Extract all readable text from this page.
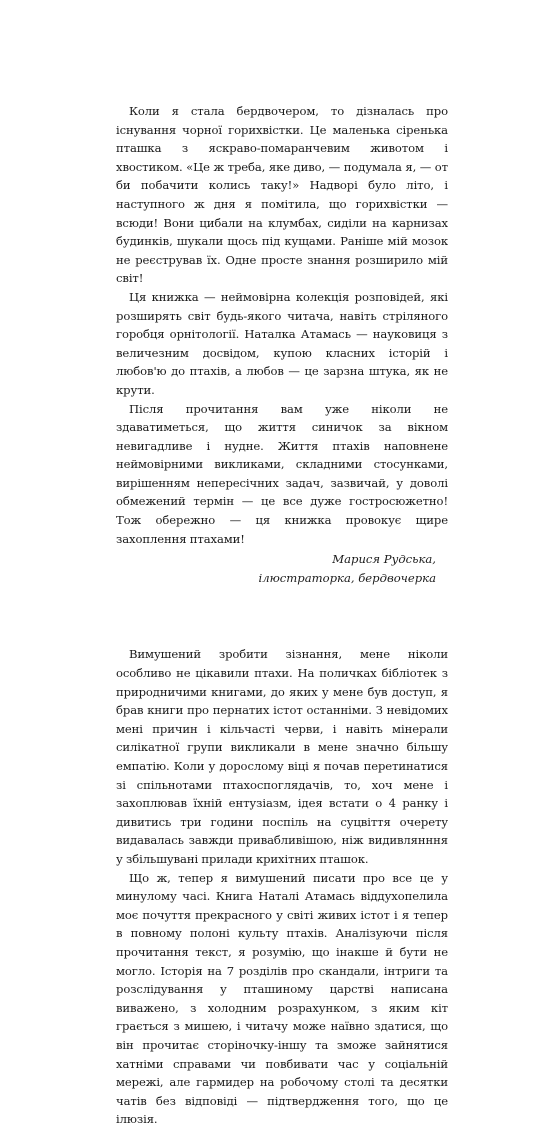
Коли я стала бердвочером, то дізналась про існування чорної горихвістки. Це маленька сіренька пташка з яскраво-помаранчевим животом і хвостиком. «Це ж треба, яке диво, — подумала я, — от би побачити колись таку!» Надворі було літо, і наступного ж дня я помітила, що горихвістки — всюди! Вони цибали на клумбах, сиділи на карнизах будинків, шукали щось під кущами. Раніше мій мозок не реєстрував їх. Одне просте знання розширило мій світ!

Ця книжка — неймовірна колекція розповідей, які розширять світ будь-якого читача, навіть стріляного горобця орнітології. Наталка Атамась — науковиця з величезним досвідом, купою класних історій і любов'ю до птахів, а любов — це зарзна штука, як не крути.

Після прочитання вам уже ніколи не здаватиметься, що життя синичок за вікном невигадливе і нудне. Життя птахів наповнене неймовірними викликами, складними стосунками, вирішенням непересічних задач, зазвичай, у доволі обмежений термін — це все дуже гостросюжетно! Тож обережно — ця книжка провокує щире захоплення птахами!

Марися Рудська,
ілюстраторка, бердвочерка

Вимушений зробити зізнання, мене ніколи особливо не цікавили птахи. На поличках бібліотек з природничими книгами, до яких у мене був доступ, я брав книги про пернатих істот останніми. З невідомих мені причин і кільчасті черви, і навіть мінерали силікатної групи викликали в мене значно більшу емпатію. Коли у дорослому віці я почав перетинатися зі спільнотами птахоспоглядачів, то, хоч мене і захоплював їхній ентузіазм, ідея встати о 4 ранку і дивитись три години поспіль на суцвіття очерету видавалась завжди привабливішою, ніж видивлянння у збільшувані прилади крихітних пташок.

Що ж, тепер я вимушений писати про все це у минулому часі. Книга Наталі Атамась віддухопелила моє почуття прекрасного у світі живих істот і я тепер в повному полоні культу птахів. Аналізуючи після прочитання текст, я розумію, що інакше й бути не могло. Історія на 7 розділів про скандали, інтриги та розслідування у пташиному царстві написана виважено, з холодним розрахунком, з яким кіт грається з мишею, і читачу може наївно здатися, що він прочитає сторіночку-іншу та зможе зайнятися хатніми справами чи повбивати час у соціальній мережі, але гармидер на робочому столі та десятки чатів без відповіді — підтвердження того, що це ілюзія.
